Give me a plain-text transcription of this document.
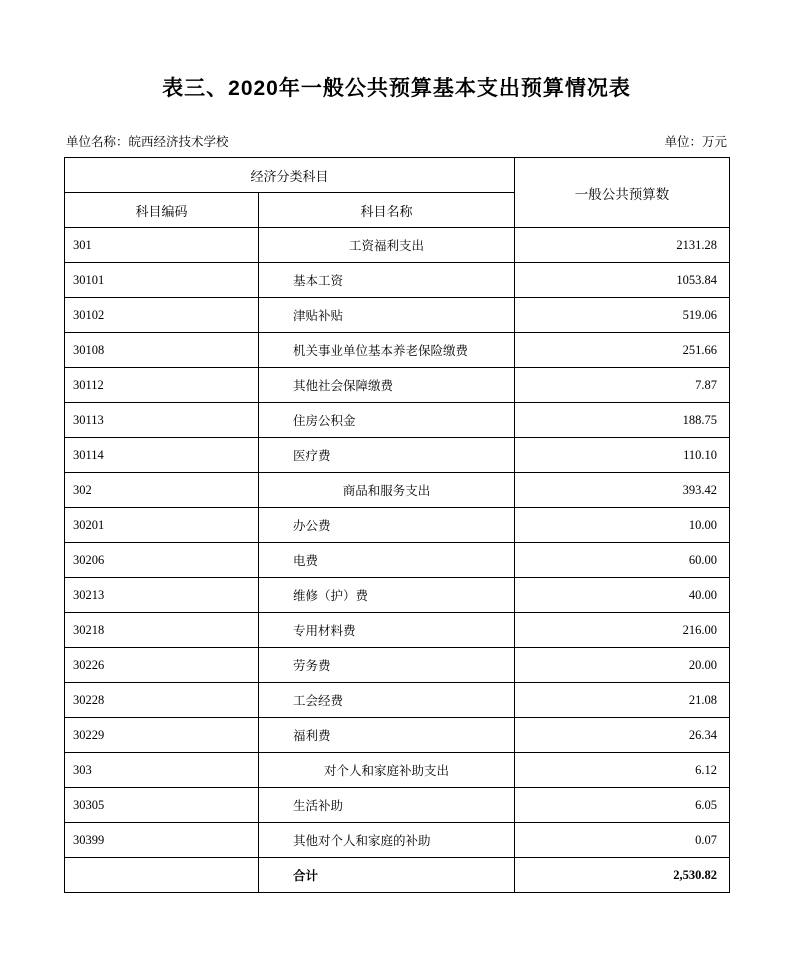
表三、2020年一般公共预算基本支出预算情况表
单位名称：皖西经济技术学校	单位：万元
经济分类科目		一般公共预算数
科目编码	科目名称	
301	工资福利支出	2131.28
30101	基本工资	1053.84
30102	津贴补贴	519.06
30108	机关事业单位基本养老保险缴费	251.66
30112	其他社会保障缴费	7.87
30113	住房公积金	188.75
30114	医疗费	110.10
302	商品和服务支出	393.42
30201	办公费	10.00
30206	电费	60.00
30213	维修（护）费	40.00
30218	专用材料费	216.00
30226	劳务费	20.00
30228	工会经费	21.08
30229	福利费	26.34
303	对个人和家庭补助支出	6.12
30305	生活补助	6.05
30399	其他对个人和家庭的补助	0.07
	合计	2,530.82
